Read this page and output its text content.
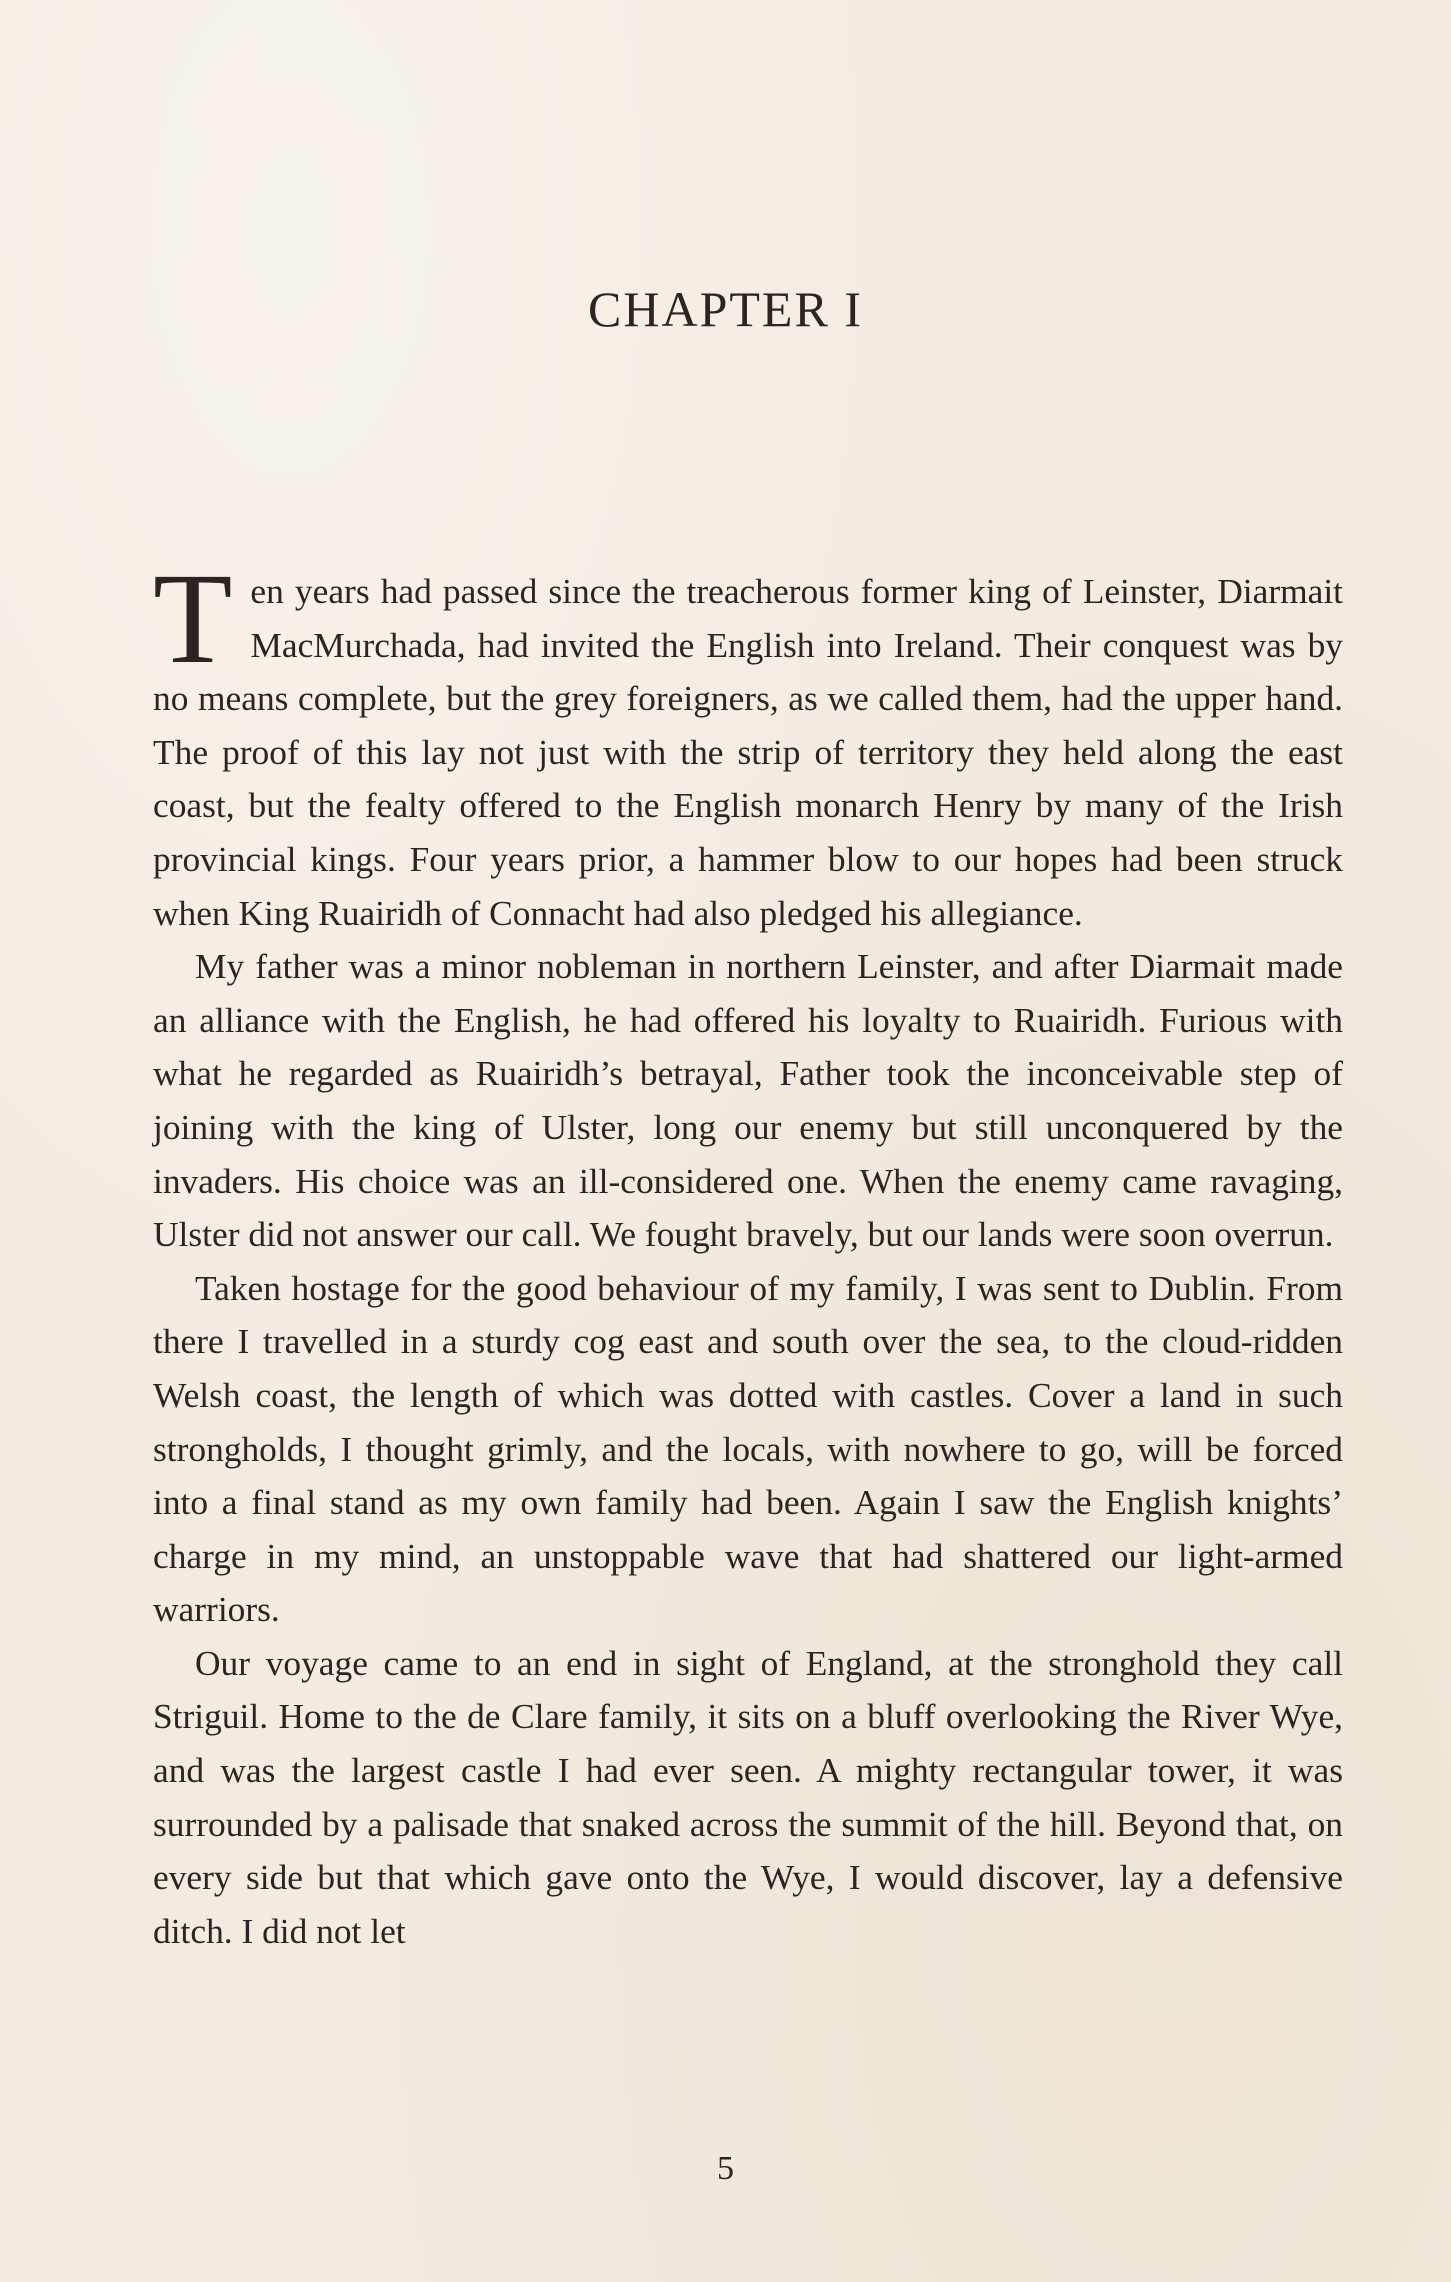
CHAPTER I

Ten years had passed since the treacherous former king of Leinster, Diarmait MacMurchada, had invited the English into Ireland. Their conquest was by no means complete, but the grey foreigners, as we called them, had the upper hand. The proof of this lay not just with the strip of territory they held along the east coast, but the fealty offered to the English monarch Henry by many of the Irish provincial kings. Four years prior, a hammer blow to our hopes had been struck when King Ruairidh of Connacht had also pledged his allegiance.

My father was a minor nobleman in northern Leinster, and after Diarmait made an alliance with the English, he had offered his loyalty to Ruairidh. Furious with what he regarded as Ruairidh’s betrayal, Father took the inconceivable step of joining with the king of Ulster, long our enemy but still unconquered by the invaders. His choice was an ill-considered one. When the enemy came ravaging, Ulster did not answer our call. We fought bravely, but our lands were soon overrun.

Taken hostage for the good behaviour of my family, I was sent to Dublin. From there I travelled in a sturdy cog east and south over the sea, to the cloud-ridden Welsh coast, the length of which was dotted with castles. Cover a land in such strongholds, I thought grimly, and the locals, with nowhere to go, will be forced into a final stand as my own family had been. Again I saw the English knights’ charge in my mind, an unstoppable wave that had shattered our light-armed warriors.

Our voyage came to an end in sight of England, at the stronghold they call Striguil. Home to the de Clare family, it sits on a bluff overlooking the River Wye, and was the largest castle I had ever seen. A mighty rectangular tower, it was surrounded by a palisade that snaked across the summit of the hill. Beyond that, on every side but that which gave onto the Wye, I would discover, lay a defensive ditch. I did not let

5
